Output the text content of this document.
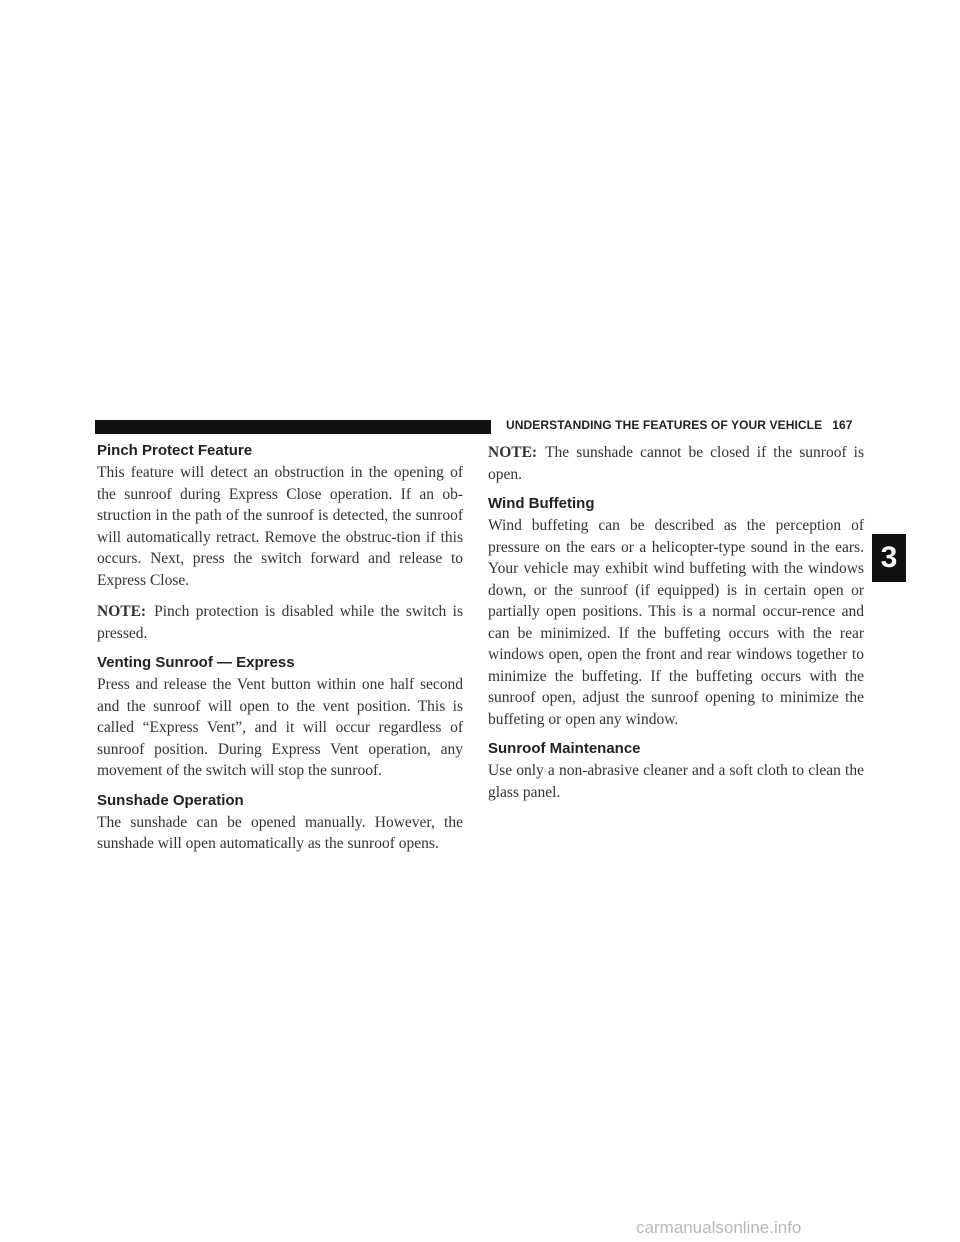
UNDERSTANDING THE FEATURES OF YOUR VEHICLE 167
Pinch Protect Feature

This feature will detect an obstruction in the opening of the sunroof during Express Close operation. If an ob-struction in the path of the sunroof is detected, the sunroof will automatically retract. Remove the obstruc-tion if this occurs. Next, press the switch forward and release to Express Close.

NOTE: Pinch protection is disabled while the switch is pressed.

Venting Sunroof — Express

Press and release the Vent button within one half second and the sunroof will open to the vent position. This is called “Express Vent”, and it will occur regardless of sunroof position. During Express Vent operation, any movement of the switch will stop the sunroof.

Sunshade Operation

The sunshade can be opened manually. However, the sunshade will open automatically as the sunroof opens.

NOTE: The sunshade cannot be closed if the sunroof is open.

Wind Buffeting

Wind buffeting can be described as the perception of pressure on the ears or a helicopter-type sound in the ears. Your vehicle may exhibit wind buffeting with the windows down, or the sunroof (if equipped) is in certain open or partially open positions. This is a normal occur-rence and can be minimized. If the buffeting occurs with the rear windows open, open the front and rear windows together to minimize the buffeting. If the buffeting occurs with the sunroof open, adjust the sunroof opening to minimize the buffeting or open any window.

Sunroof Maintenance

Use only a non-abrasive cleaner and a soft cloth to clean the glass panel.

3
carmanualsonline.info
